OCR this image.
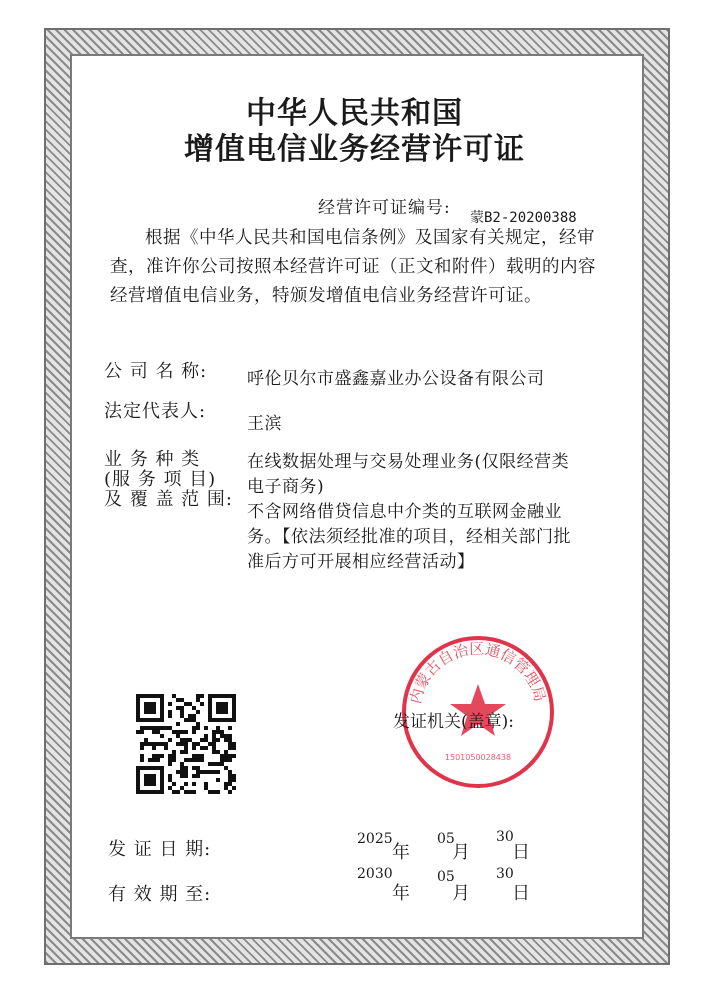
中华人民共和国
增值电信业务经营许可证
经营许可证编号: 蒙B2-20200388

根据《中华人民共和国电信条例》及国家有关规定，经审查，准许你公司按照本经营许可证（正文和附件）载明的内容经营增值电信业务，特颁发增值电信业务经营许可证。

公 司 名 称: 呼伦贝尔市盛鑫嘉业办公设备有限公司
法定代表人:
王滨
业 务 种 类
(服 务 项 目)
及 覆 盖 范 围:
在线数据处理与交易处理业务(仅限经营类
电子商务)
不含网络借贷信息中介类的互联网金融业
务。【依法须经批准的项目，经相关部门批
准后方可开展相应经营活动】
内蒙古自治区通信管理局
1501050028438
发证机关(盖章):
发 证 日 期:	2025
年
05
月
30
日
有 效 期 至:
2030
年
05
月
30
日
